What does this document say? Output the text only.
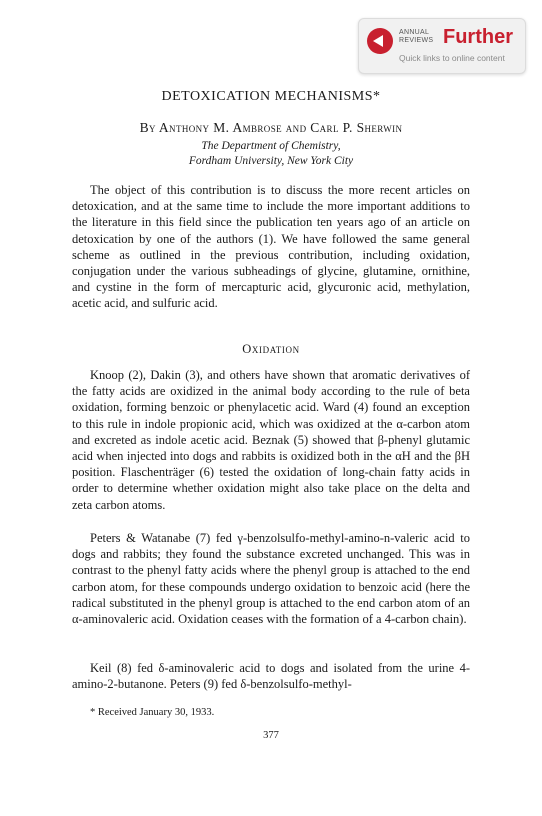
ANNUAL
REVIEWS Further
Quick links to online content
DETOXICATION MECHANISMS*
By Anthony M. Ambrose and Carl P. Sherwin
The Department of Chemistry,
Fordham University, New York City

The object of this contribution is to discuss the more recent articles on detoxication, and at the same time to include the more important additions to the literature in this field since the publication ten years ago of an article on detoxication by one of the authors (1). We have followed the same general scheme as outlined in the previous contribution, including oxidation, conjugation under the various subheadings of glycine, glutamine, ornithine, and cystine in the form of mercapturic acid, glycuronic acid, methylation, acetic acid, and sulfuric acid.

Oxidation

Knoop (2), Dakin (3), and others have shown that aromatic derivatives of the fatty acids are oxidized in the animal body according to the rule of beta oxidation, forming benzoic or phenylacetic acid. Ward (4) found an exception to this rule in indole propionic acid, which was oxidized at the α-carbon atom and excreted as indole acetic acid. Beznak (5) showed that β-phenyl glutamic acid when injected into dogs and rabbits is oxidized both in the αH and the βH position. Flaschenträger (6) tested the oxidation of long-chain fatty acids in order to determine whether oxidation might also take place on the delta and zeta carbon atoms.

Peters & Watanabe (7) fed γ-benzolsulfo-methyl-amino-n-valeric acid to dogs and rabbits; they found the substance excreted unchanged. This was in contrast to the phenyl fatty acids where the phenyl group is attached to the end carbon atom, for these compounds undergo oxidation to benzoic acid (here the radical substituted in the phenyl group is attached to the end carbon atom of an α-aminovaleric acid. Oxidation ceases with the formation of a 4-carbon chain).

Keil (8) fed δ-aminovaleric acid to dogs and isolated from the urine 4-amino-2-butanone. Peters (9) fed δ-benzolsulfo-methyl-

* Received January 30, 1933.
377
